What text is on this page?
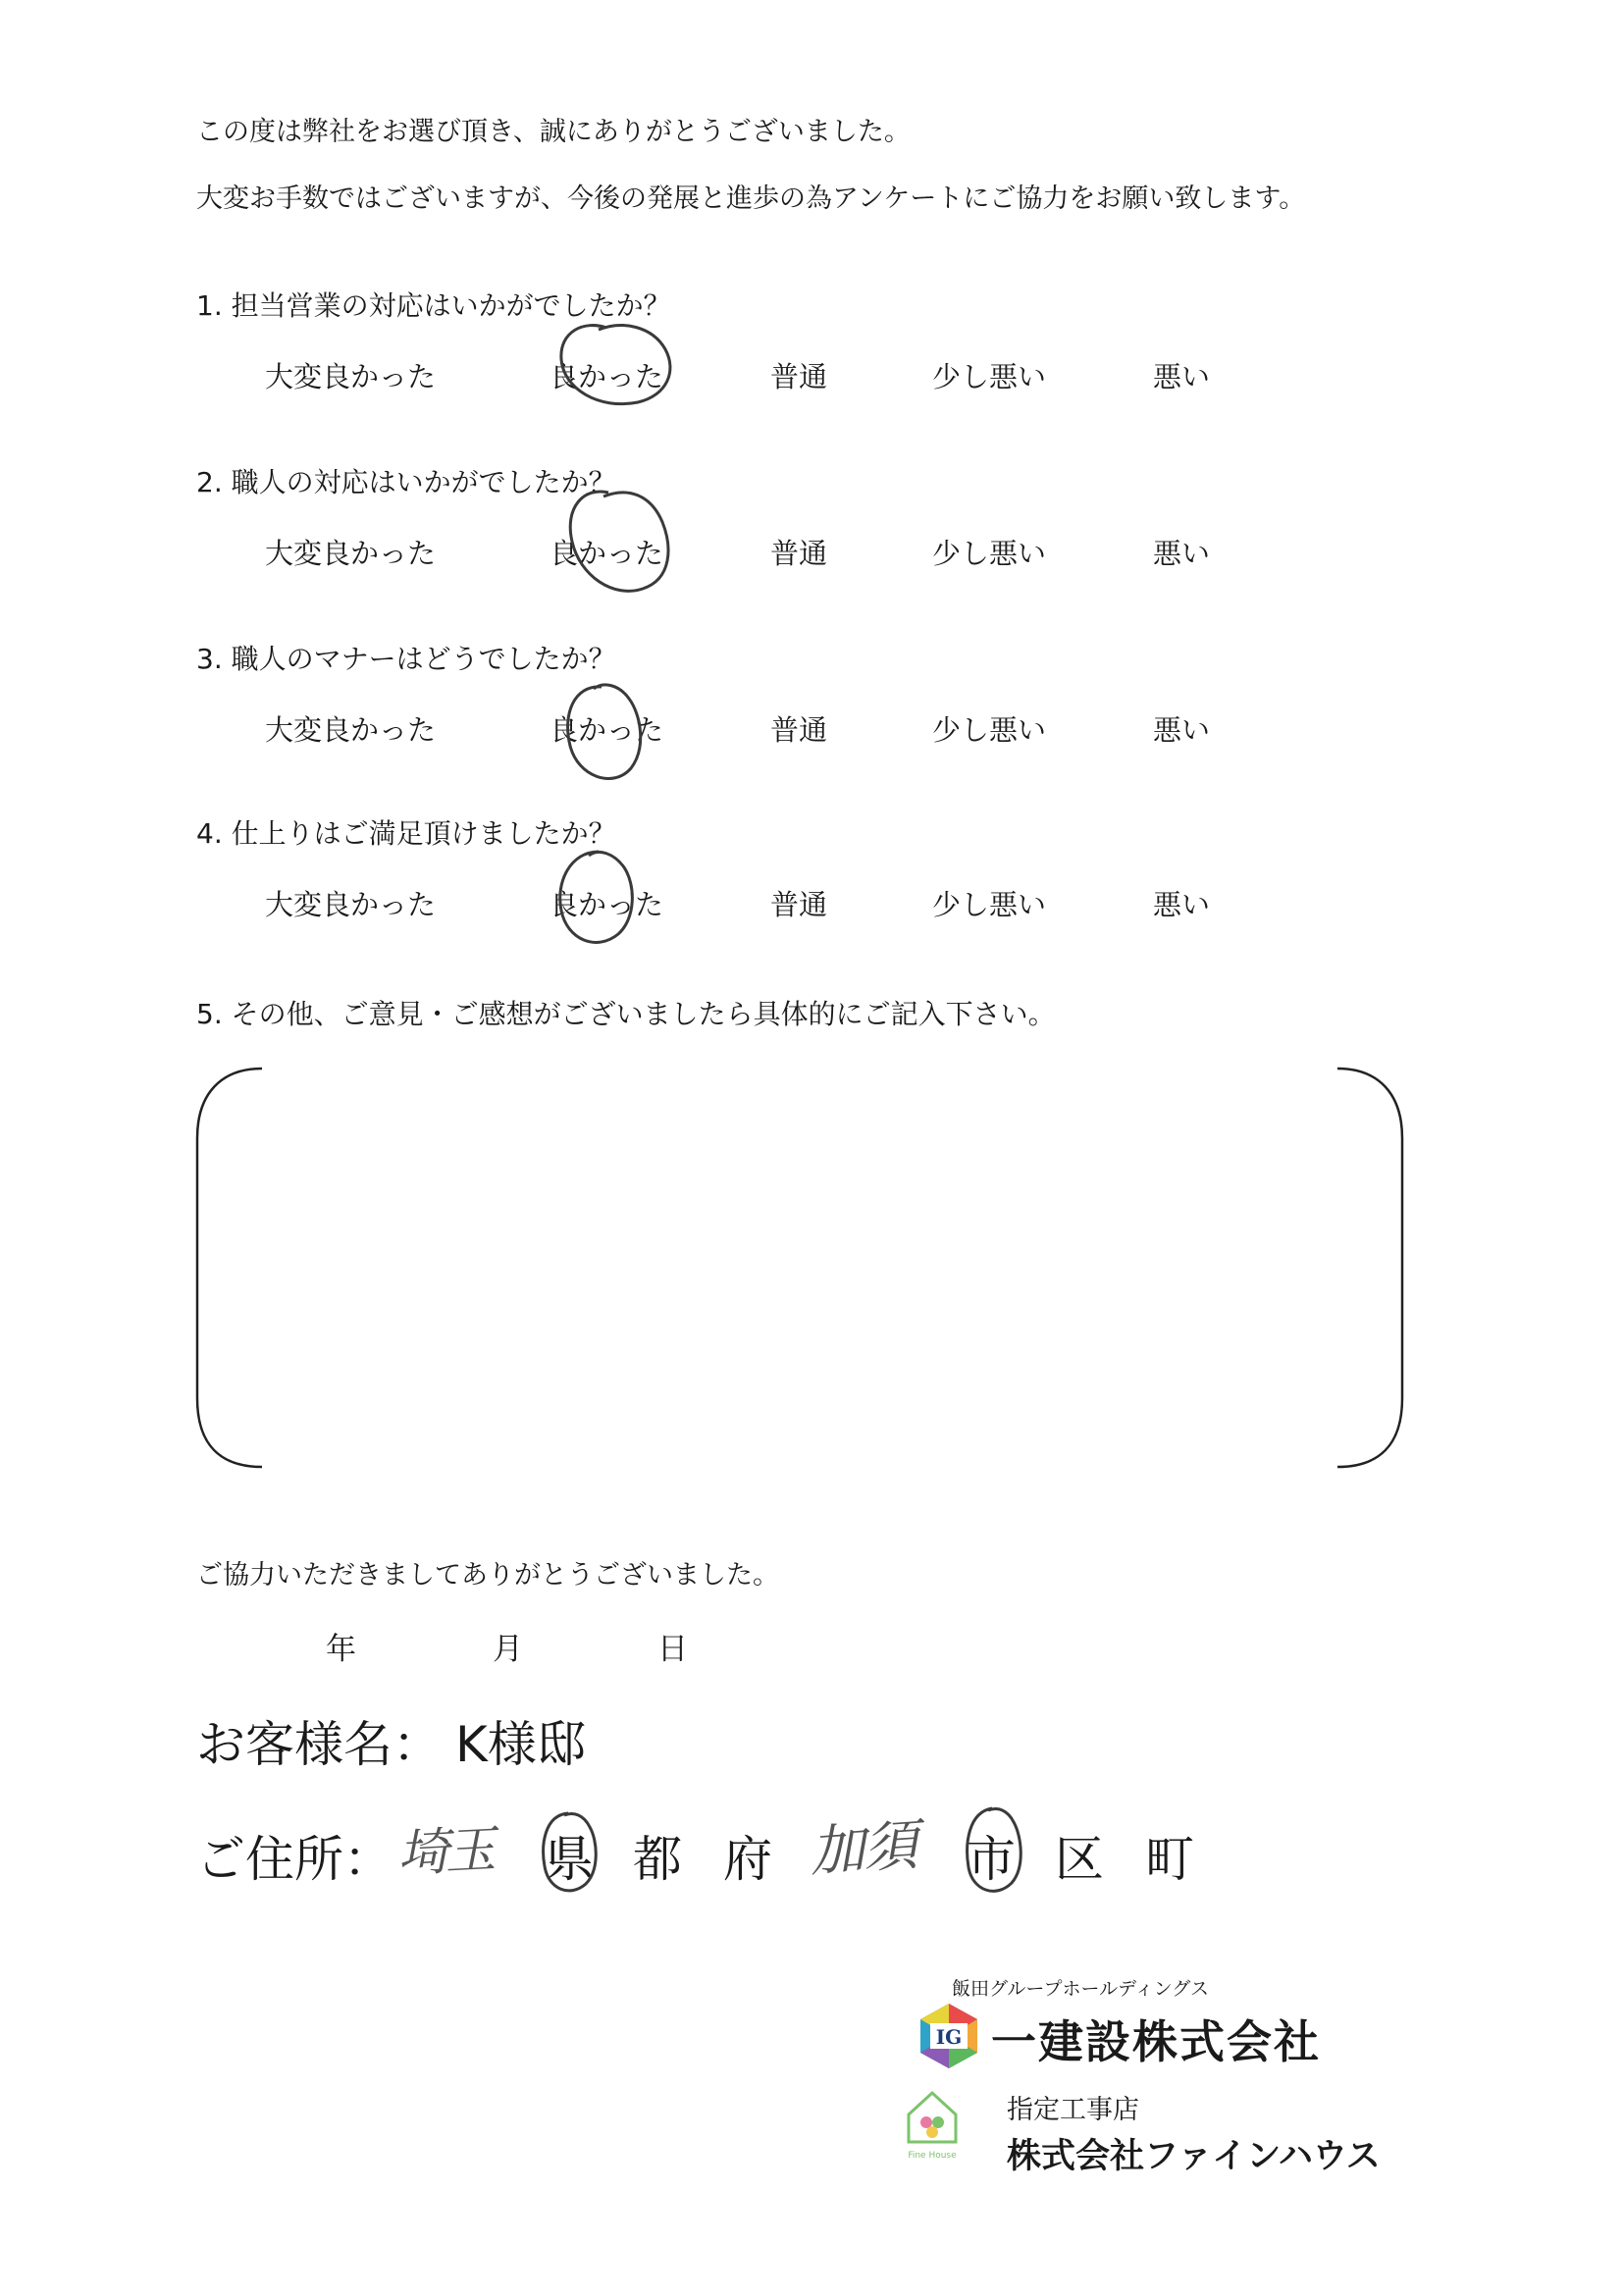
この度は弊社をお選び頂き、誠にありがとうございました。
大変お手数ではございますが、今後の発展と進歩の為アンケートにご協力をお願い致します。
1. 担当営業の対応はいかがでしたか？
大変良かった	良かった	普通	少し悪い	悪い
2. 職人の対応はいかがでしたか？
大変良かった	良かった	普通	少し悪い	悪い
3. 職人のマナーはどうでしたか？
大変良かった	良かった	普通	少し悪い	悪い
4. 仕上りはご満足頂けましたか？
大変良かった	良かった	普通	少し悪い	悪い
5. その他、ご意見・ご感想がございましたら具体的にご記入下さい。
ご協力いただきましてありがとうございました。
年	月	日
お客様名： K様邸
ご住所： 埼玉	県 都 府 加須 市 区 町
飯田グループホールディングス
IG 一建設株式会社
Fine House
指定工事店
株式会社ファインハウス
